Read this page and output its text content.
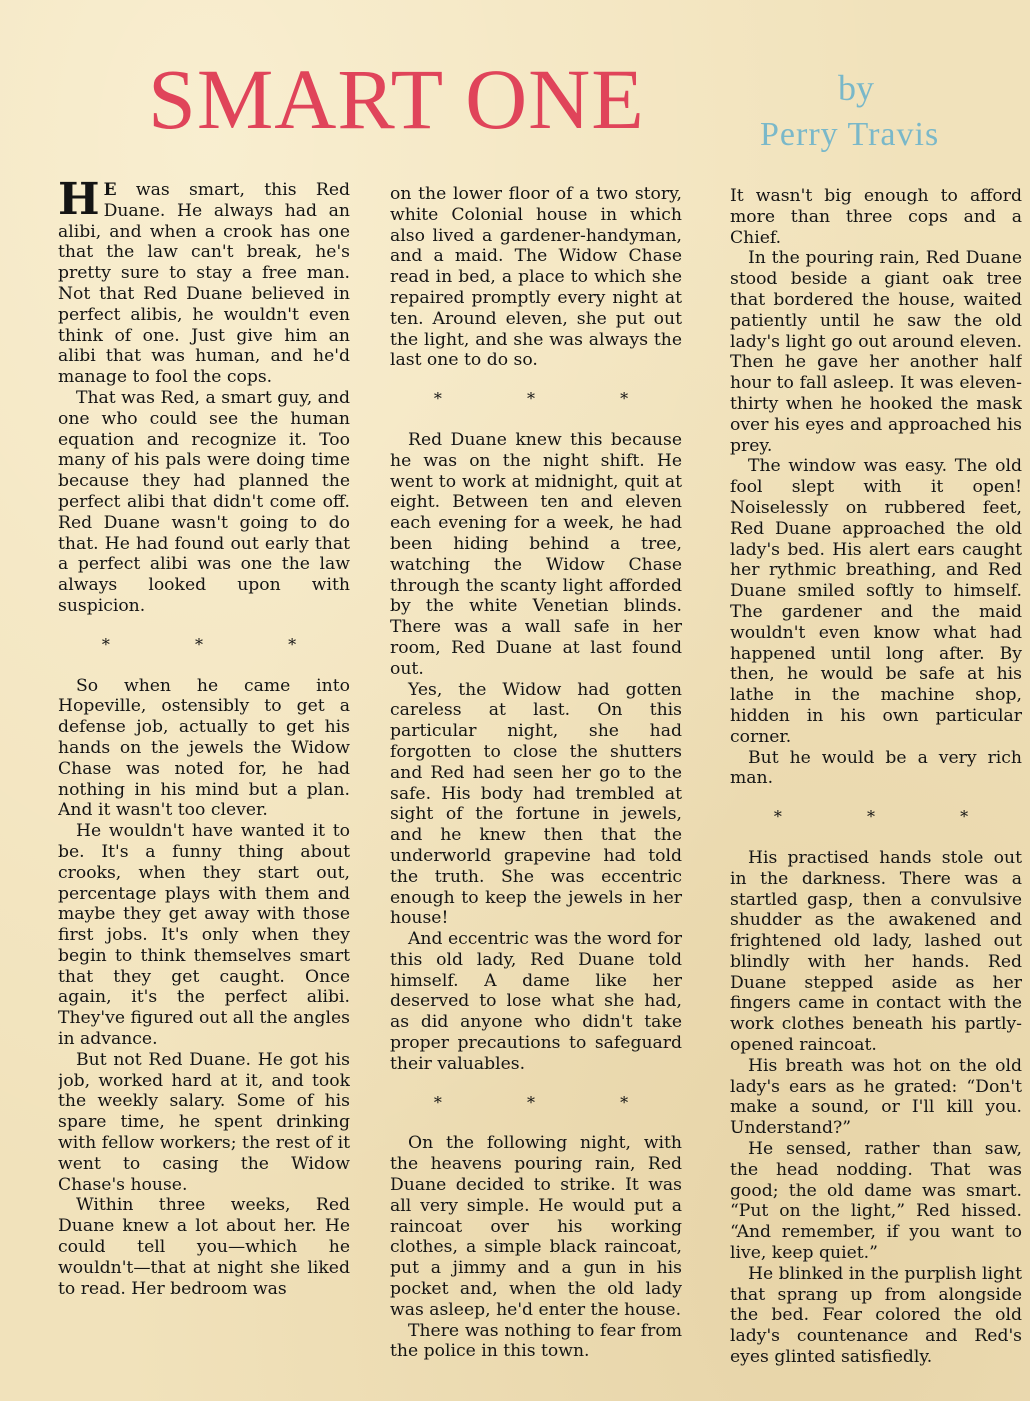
SMART ONE	by
Perry Travis

H E was smart, this Red Duane. He always had an alibi, and when a crook has one that the law can't break, he's pretty sure to stay a free man. Not that Red Duane believed in perfect alibis, he wouldn't even think of one. Just give him an alibi that was human, and he'd manage to fool the cops.

That was Red, a smart guy, and one who could see the human equation and recognize it. Too many of his pals were doing time because they had planned the perfect alibi that didn't come off. Red Duane wasn't going to do that. He had found out early that a perfect alibi was one the law always looked upon with suspicion.

* * *

So when he came into Hopeville, ostensibly to get a defense job, actually to get his hands on the jewels the Widow Chase was noted for, he had nothing in his mind but a plan. And it wasn't too clever.

He wouldn't have wanted it to be. It's a funny thing about crooks, when they start out, percentage plays with them and maybe they get away with those first jobs. It's only when they begin to think themselves smart that they get caught. Once again, it's the perfect alibi. They've figured out all the angles in advance.

But not Red Duane. He got his job, worked hard at it, and took the weekly salary. Some of his spare time, he spent drinking with fellow workers; the rest of it went to casing the Widow Chase's house.

Within three weeks, Red Duane knew a lot about her. He could tell you—which he wouldn't—that at night she liked to read. Her bedroom was

on the lower floor of a two story, white Colonial house in which also lived a gardener-handyman, and a maid. The Widow Chase read in bed, a place to which she repaired promptly every night at ten. Around eleven, she put out the light, and she was always the last one to do so.

* * *

Red Duane knew this because he was on the night shift. He went to work at midnight, quit at eight. Between ten and eleven each evening for a week, he had been hiding behind a tree, watching the Widow Chase through the scanty light afforded by the white Venetian blinds. There was a wall safe in her room, Red Duane at last found out.

Yes, the Widow had gotten careless at last. On this particular night, she had forgotten to close the shutters and Red had seen her go to the safe. His body had trembled at sight of the fortune in jewels, and he knew then that the underworld grapevine had told the truth. She was eccentric enough to keep the jewels in her house!

And eccentric was the word for this old lady, Red Duane told himself. A dame like her deserved to lose what she had, as did anyone who didn't take proper precautions to safeguard their valuables.

* * *

On the following night, with the heavens pouring rain, Red Duane decided to strike. It was all very simple. He would put a raincoat over his working clothes, a simple black raincoat, put a jimmy and a gun in his pocket and, when the old lady was asleep, he'd enter the house.

There was nothing to fear from the police in this town.

It wasn't big enough to afford more than three cops and a Chief.

In the pouring rain, Red Duane stood beside a giant oak tree that bordered the house, waited patiently until he saw the old lady's light go out around eleven. Then he gave her another half hour to fall asleep. It was eleven-thirty when he hooked the mask over his eyes and approached his prey.

The window was easy. The old fool slept with it open! Noiselessly on rubbered feet, Red Duane approached the old lady's bed. His alert ears caught her rythmic breathing, and Red Duane smiled softly to himself. The gardener and the maid wouldn't even know what had happened until long after. By then, he would be safe at his lathe in the machine shop, hidden in his own particular corner.

But he would be a very rich man.

* * *

His practised hands stole out in the darkness. There was a startled gasp, then a convulsive shudder as the awakened and frightened old lady, lashed out blindly with her hands. Red Duane stepped aside as her fingers came in contact with the work clothes beneath his partly-opened raincoat.

His breath was hot on the old lady's ears as he grated: “Don't make a sound, or I'll kill you. Understand?”

He sensed, rather than saw, the head nodding. That was good; the old dame was smart. “Put on the light,” Red hissed. “And remember, if you want to live, keep quiet.”

He blinked in the purplish light that sprang up from alongside the bed. Fear colored the old lady's countenance and Red's eyes glinted satisfiedly.
